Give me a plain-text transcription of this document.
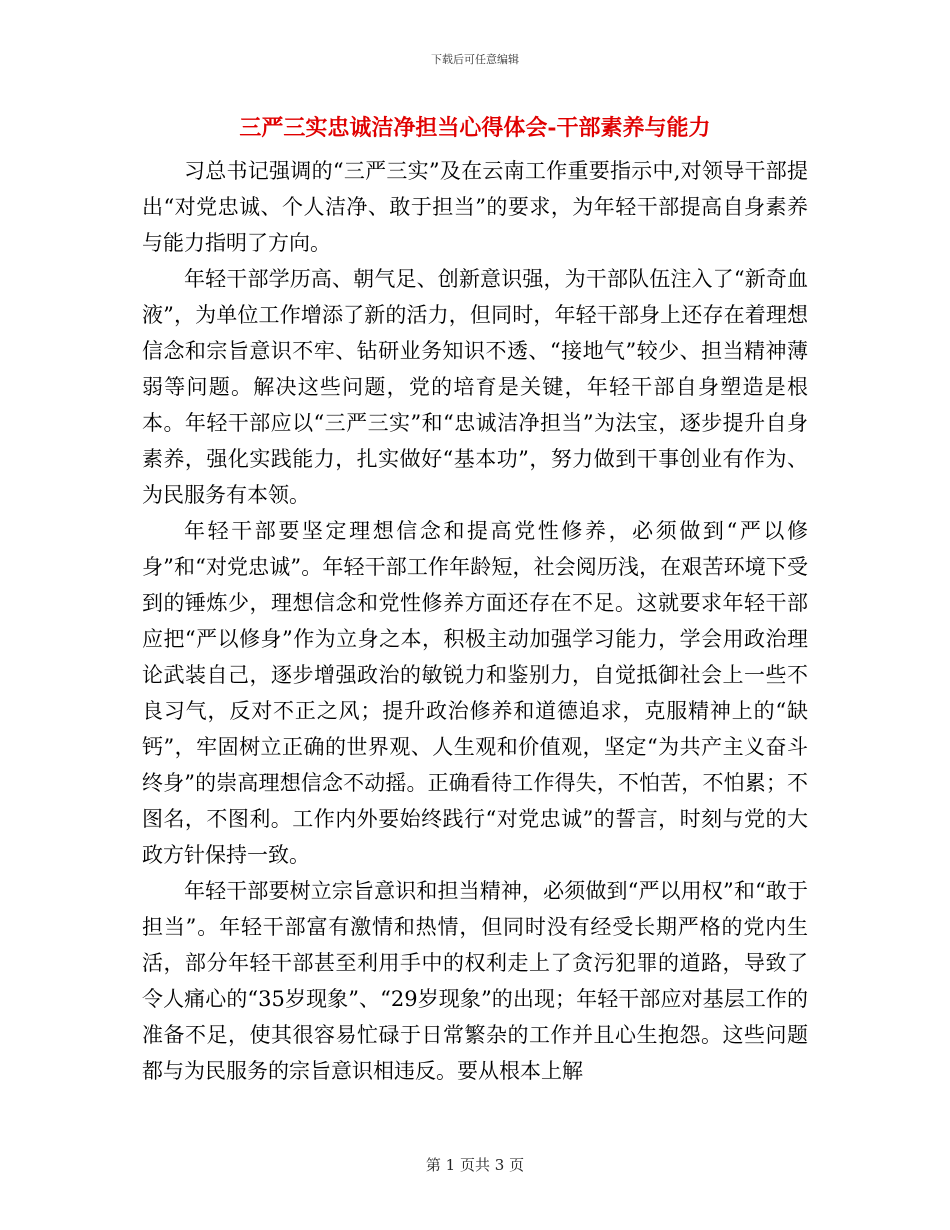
下载后可任意编辑
三严三实忠诚洁净担当心得体会-干部素养与能力

习总书记强调的“三严三实”及在云南工作重要指示中,对领导干部提出“对党忠诚、个人洁净、敢于担当”的要求，为年轻干部提高自身素养与能力指明了方向。

年轻干部学历高、朝气足、创新意识强，为干部队伍注入了“新奇血液”，为单位工作增添了新的活力，但同时，年轻干部身上还存在着理想信念和宗旨意识不牢、钻研业务知识不透、“接地气”较少、担当精神薄弱等问题。解决这些问题，党的培育是关键，年轻干部自身塑造是根本。年轻干部应以“三严三实”和“忠诚洁净担当”为法宝，逐步提升自身素养，强化实践能力，扎实做好“基本功”，努力做到干事创业有作为、为民服务有本领。

年轻干部要坚定理想信念和提高党性修养，必须做到“严以修身”和“对党忠诚”。年轻干部工作年龄短，社会阅历浅，在艰苦环境下受到的锤炼少，理想信念和党性修养方面还存在不足。这就要求年轻干部应把“严以修身”作为立身之本，积极主动加强学习能力，学会用政治理论武装自己，逐步增强政治的敏锐力和鉴别力，自觉抵御社会上一些不良习气，反对不正之风；提升政治修养和道德追求，克服精神上的“缺钙”，牢固树立正确的世界观、人生观和价值观，坚定“为共产主义奋斗终身”的崇高理想信念不动摇。正确看待工作得失，不怕苦，不怕累；不图名，不图利。工作内外要始终践行“对党忠诚”的誓言，时刻与党的大政方针保持一致。

年轻干部要树立宗旨意识和担当精神，必须做到“严以用权”和“敢于担当”。年轻干部富有激情和热情，但同时没有经受长期严格的党内生活，部分年轻干部甚至利用手中的权利走上了贪污犯罪的道路，导致了令人痛心的“35岁现象”、“29岁现象”的出现；年轻干部应对基层工作的准备不足，使其很容易忙碌于日常繁杂的工作并且心生抱怨。这些问题都与为民服务的宗旨意识相违反。要从根本上解

第 1 页共 3 页
